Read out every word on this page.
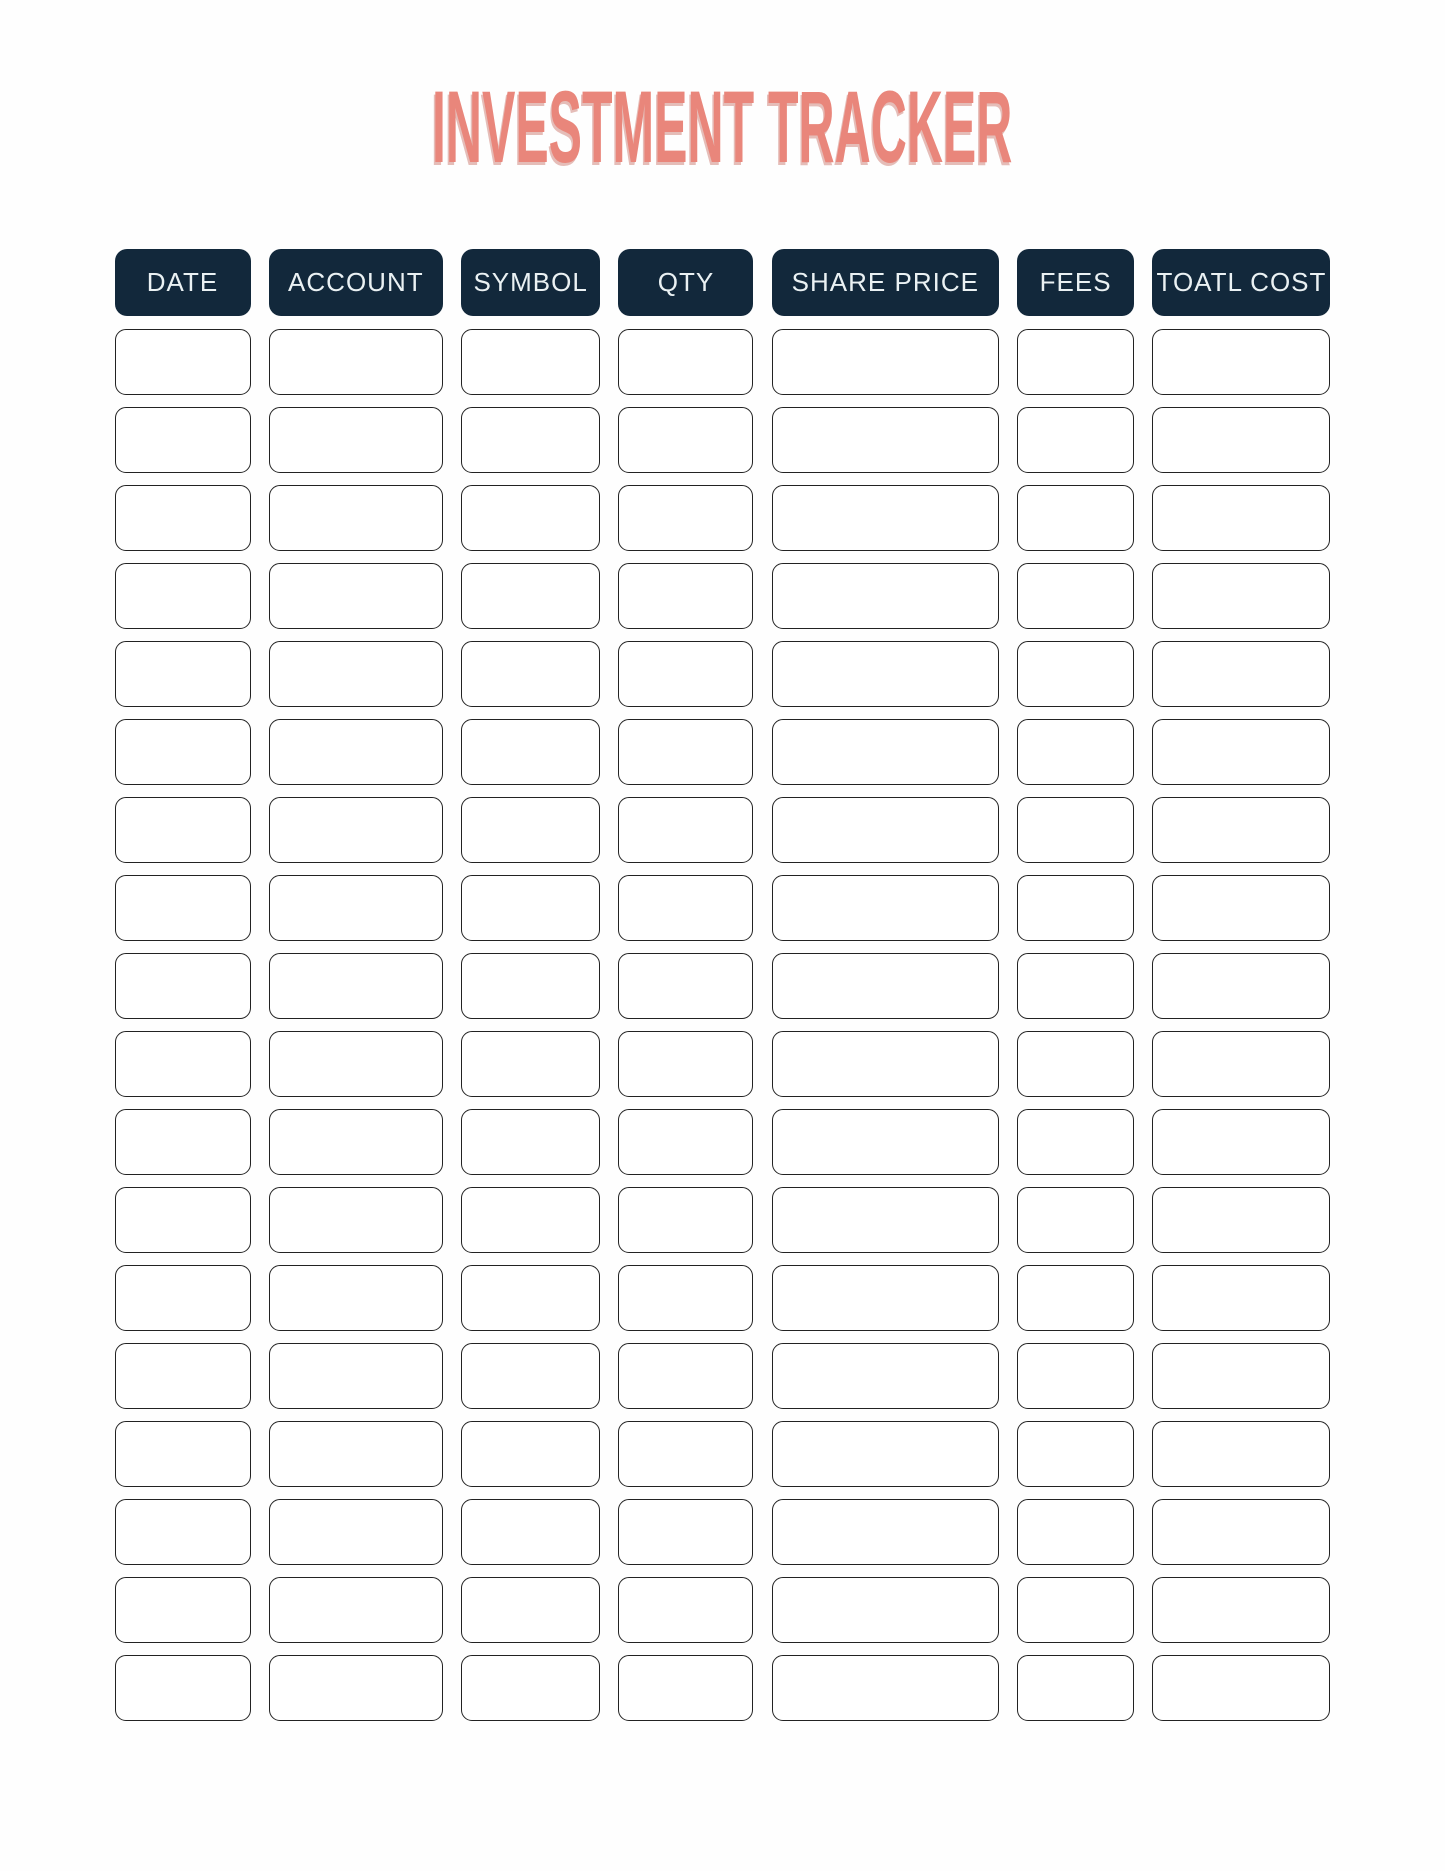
INVESTMENT TRACKER
DATE	ACCOUNT	SYMBOL	QTY	SHARE PRICE	FEES	TOATL COST
